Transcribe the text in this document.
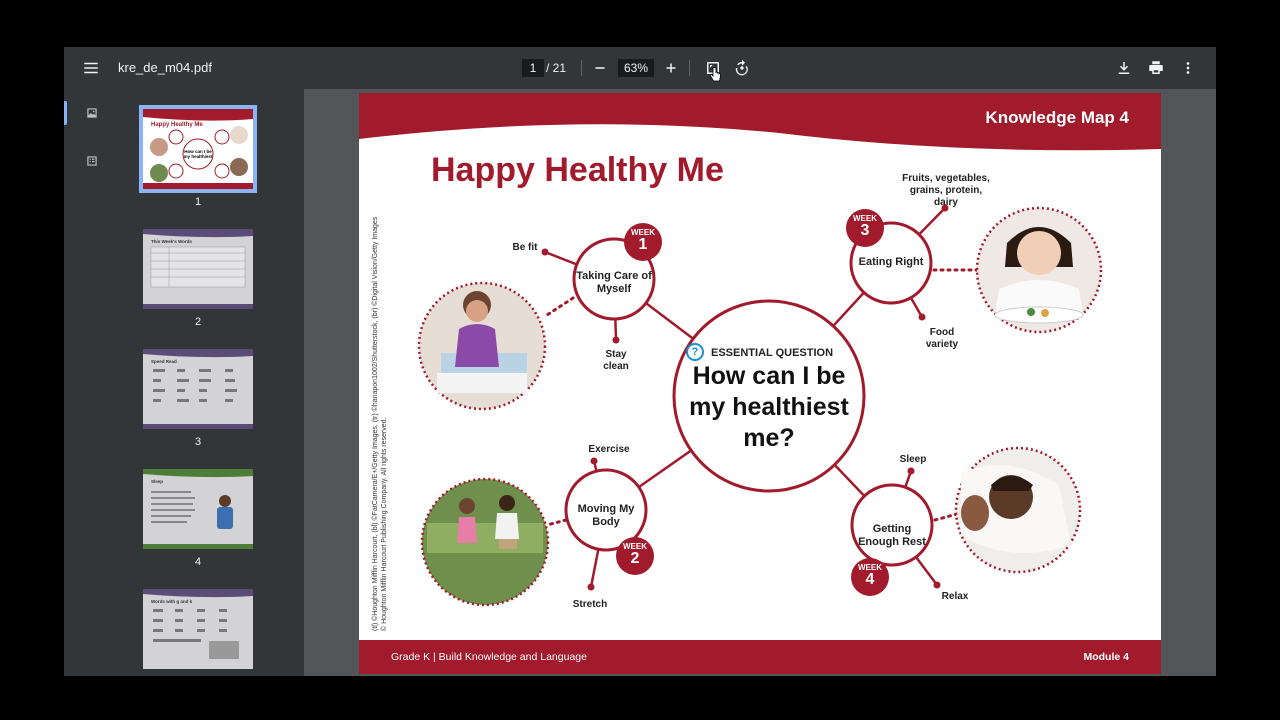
kre_de_m04.pdf	1 / 21	63%
Happy Healthy Me
How can I be
my healthiest
1
This Week's Words
2
Speed Read
3
Sleep
4
Words with g and k
Knowledge Map 4
Happy Healthy Me
(tl) ©Houghton Mifflin Harcourt, (bl) ©FatCamera/E+/Getty Images, (tr) ©hanapon1002/Shutterstock, (br) ©Digital Vision/Getty Images © Houghton Mifflin Harcourt Publishing Company. All rights reserved.
Taking Care of Myself
Eating Right
Moving My Body
Getting Enough Rest
WEEK
1
WEEK
3
WEEK
2
WEEK
4
Be fit
Stay clean
Fruits, vegetables, grains, protein, dairy
Food variety
Exercise
Stretch
Sleep
Relax
?	ESSENTIAL QUESTION
How can I be my healthiest me?
Grade K | Build Knowledge and Language	Module 4
